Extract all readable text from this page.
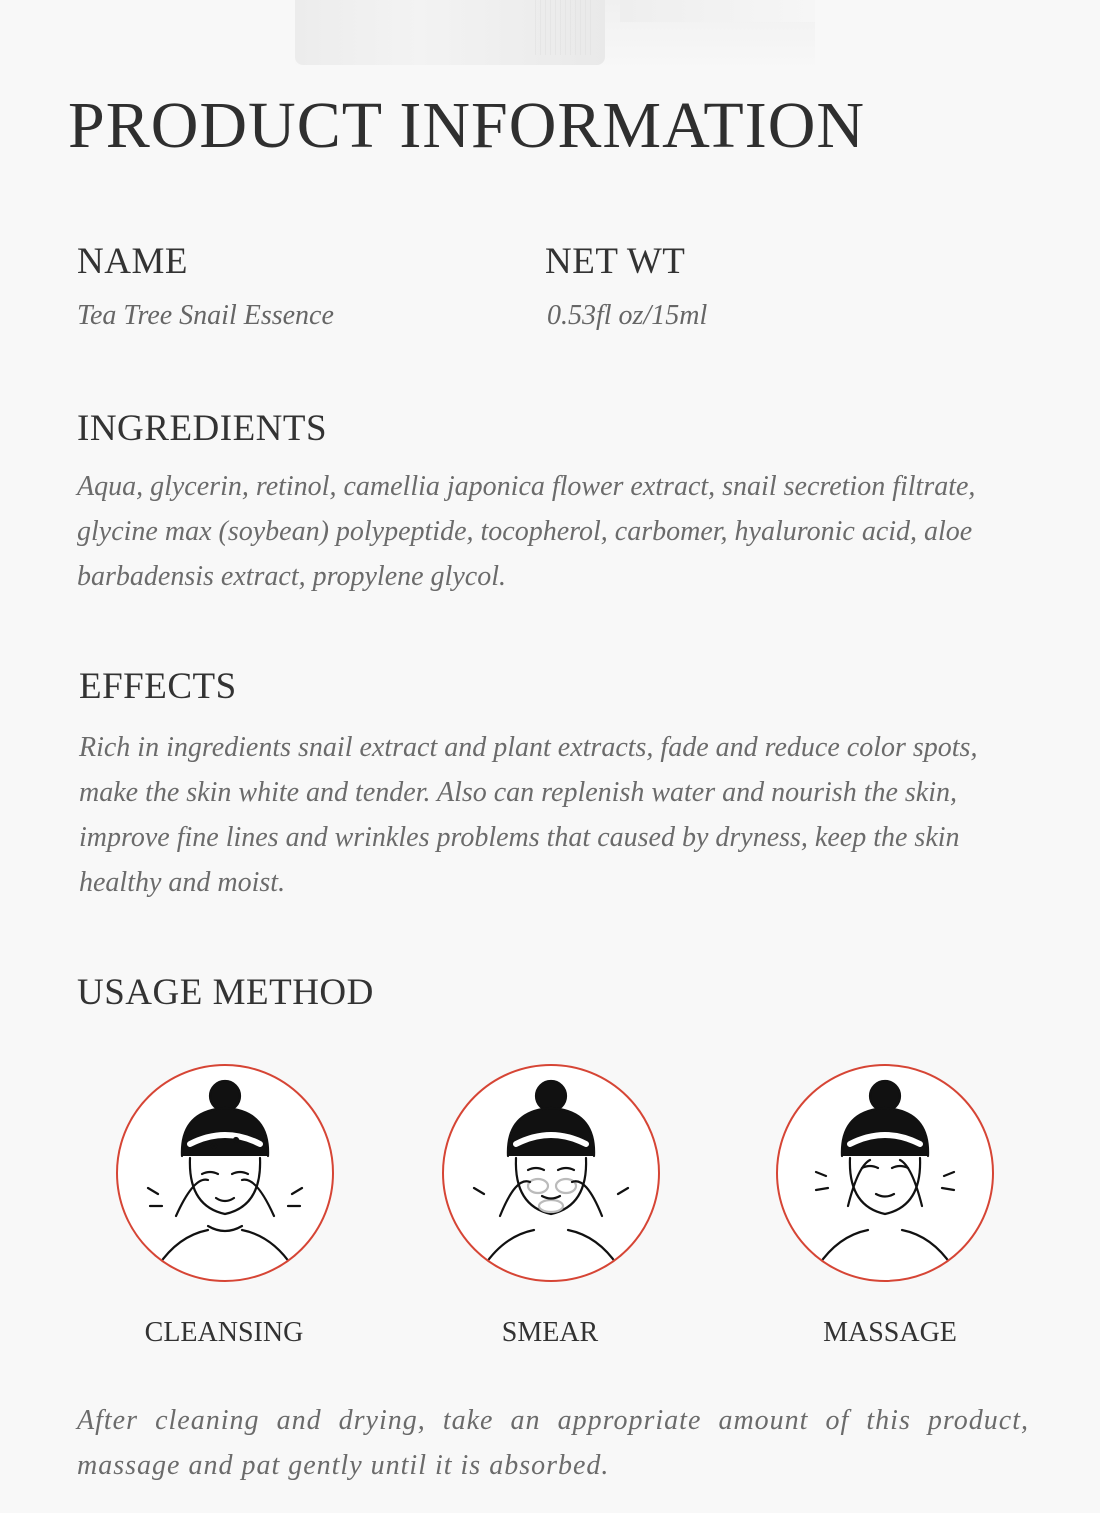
PRODUCT INFORMATION
NAME

Tea Tree Snail Essence

NET WT

0.53fl oz/15ml

INGREDIENTS

Aqua, glycerin, retinol, camellia japonica flower extract, snail secretion filtrate, glycine max (soybean) polypeptide, tocopherol, carbomer, hyaluronic acid, aloe barbadensis extract, propylene glycol.

EFFECTS

Rich in ingredients snail extract and plant extracts, fade and reduce color spots, make the skin white and tender. Also can replenish water and nourish the skin, improve fine lines and wrinkles problems that caused by dryness, keep the skin healthy and moist.

USAGE METHOD

CLEANSING	SMEAR	MASSAGE

After cleaning and drying, take an appropriate amount of this product, massage and pat gently until it is absorbed.
